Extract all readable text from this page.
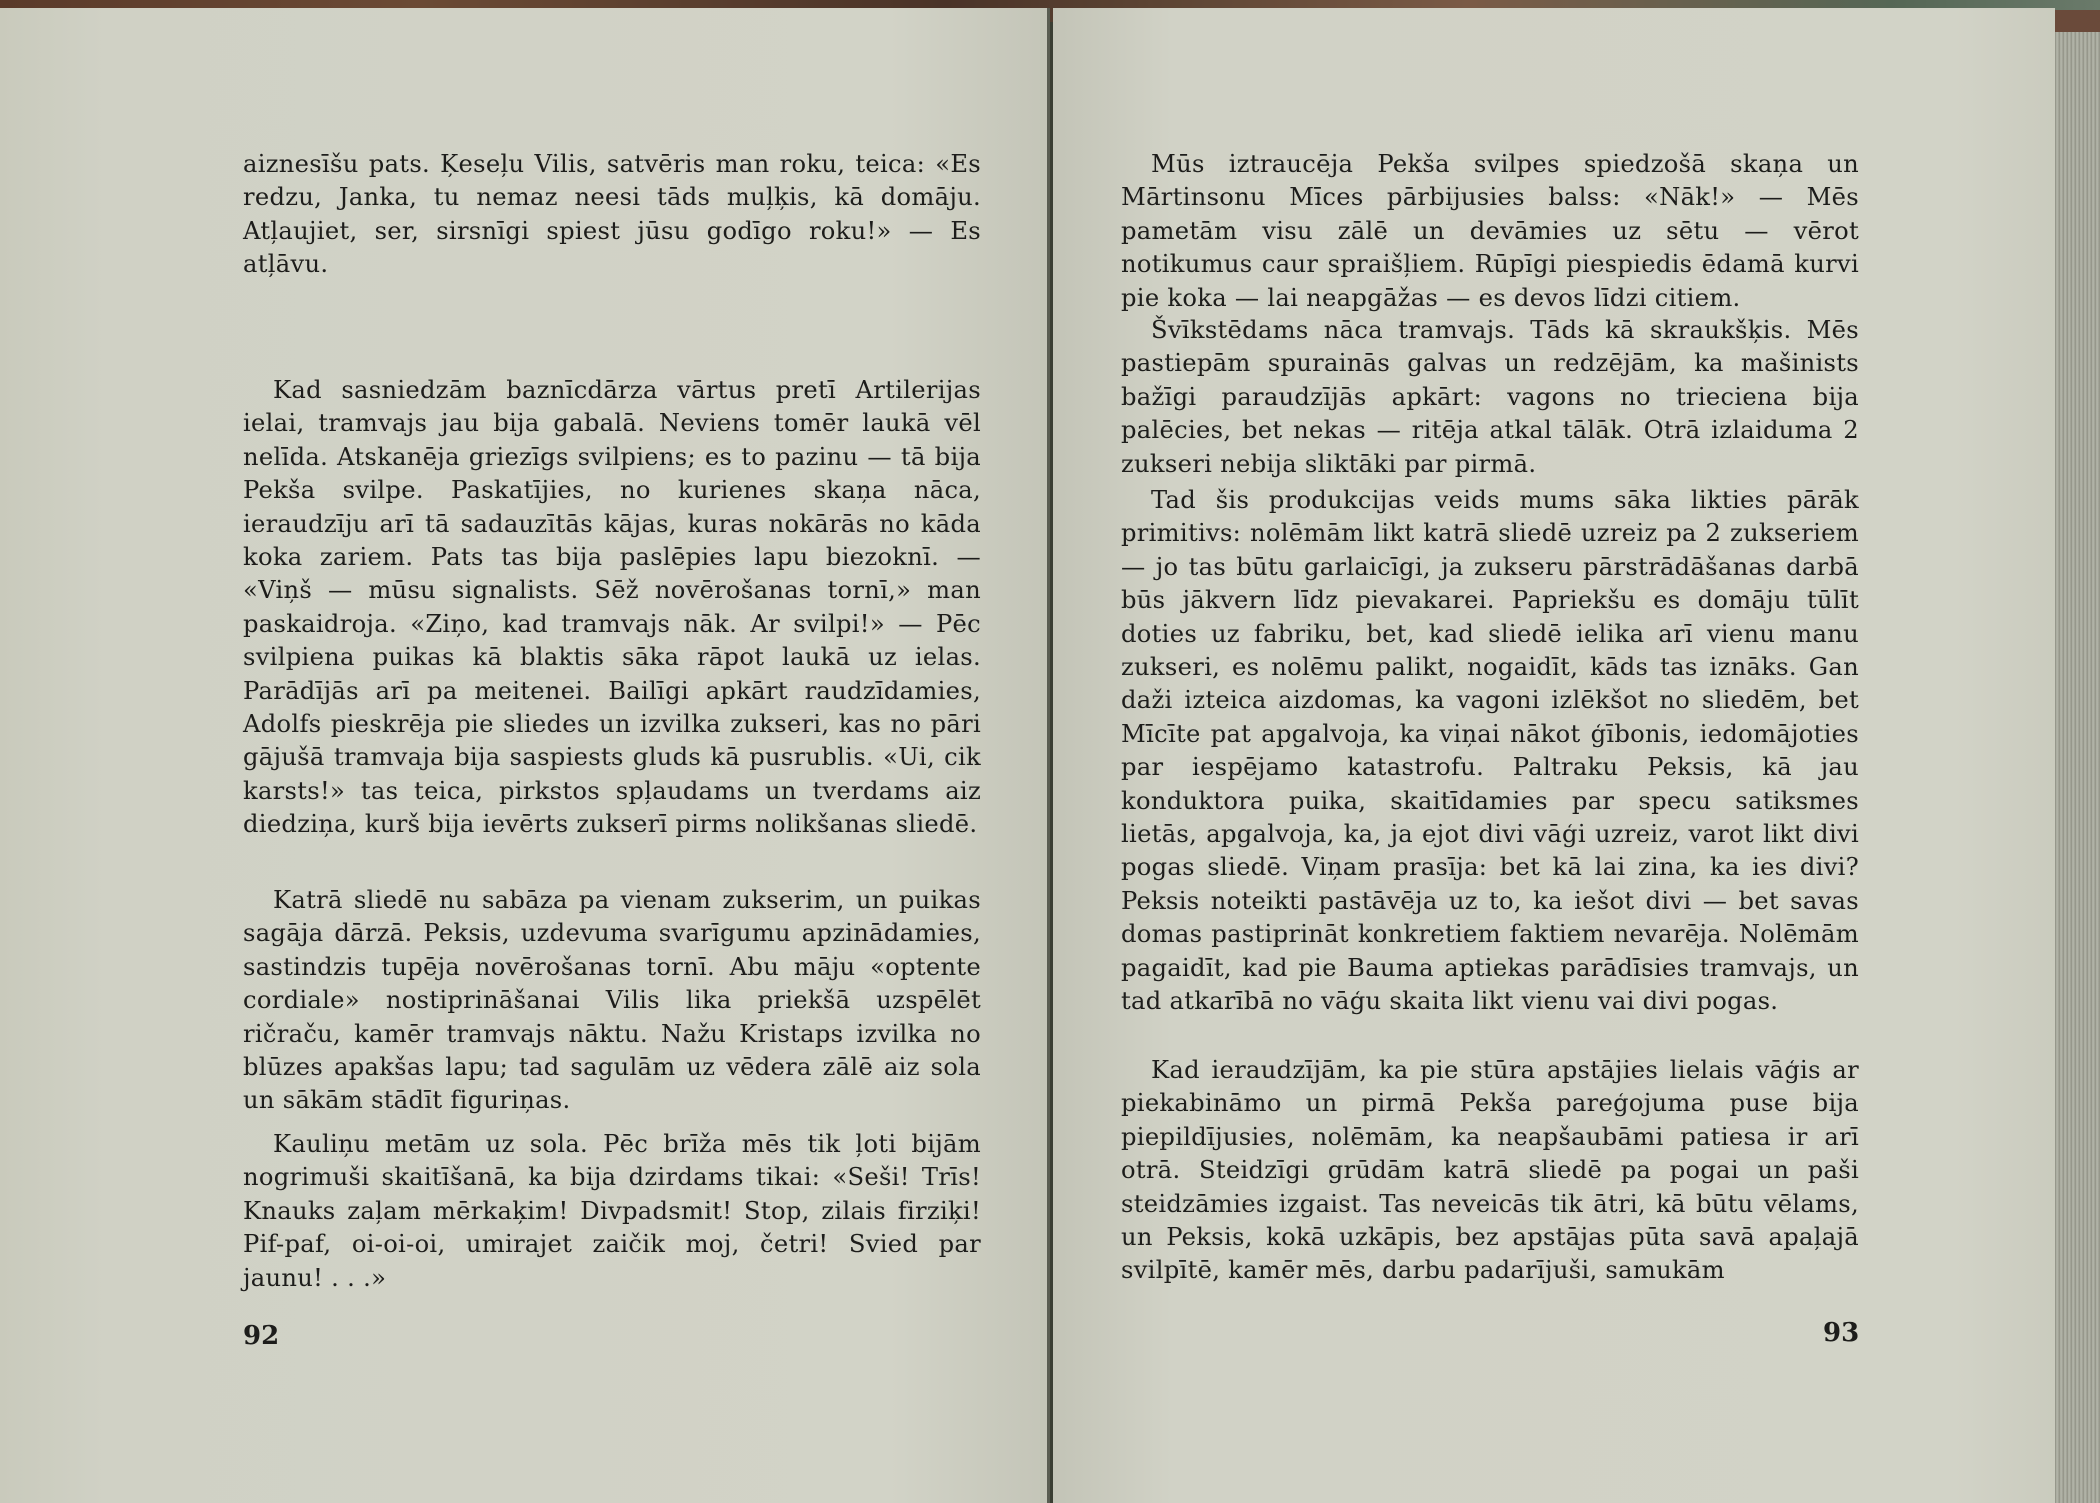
aiznesīšu pats. Ķeseļu Vilis, satvēris man roku, teica: «Es redzu, Janka, tu nemaz neesi tāds muļķis, kā domāju. Atļaujiet, ser, sirsnīgi spiest jūsu godīgo roku!» — Es atļāvu.

Kad sasniedzām baznīcdārza vārtus pretī Artilerijas ielai, tramvajs jau bija gabalā. Neviens tomēr laukā vēl nelīda. Atskanēja griezīgs svilpiens; es to pazinu — tā bija Pekša svilpe. Paskatījies, no kurienes skaņa nāca, ieraudzīju arī tā sadauzītās kājas, kuras nokārās no kāda koka zariem. Pats tas bija paslēpies lapu biezoknī. — «Viņš — mūsu signalists. Sēž novērošanas tornī,» man paskaidroja. «Ziņo, kad tramvajs nāk. Ar svilpi!» — Pēc svilpiena puikas kā blaktis sāka rāpot laukā uz ielas. Parādījās arī pa meitenei. Bailīgi apkārt raudzīdamies, Adolfs pieskrēja pie sliedes un izvilka zukseri, kas no pāri gājušā tramvaja bija saspiests gluds kā pusrublis. «Ui, cik karsts!» tas teica, pirkstos spļaudams un tverdams aiz diedziņa, kurš bija ievērts zukserī pirms nolikšanas sliedē.

Katrā sliedē nu sabāza pa vienam zukserim, un puikas sagāja dārzā. Peksis, uzdevuma svarīgumu apzinādamies, sastindzis tupēja novērošanas tornī. Abu māju «optente cordiale» nostiprināšanai Vilis lika priekšā uzspēlēt ričraču, kamēr tramvajs nāktu. Nažu Kristaps izvilka no blūzes apakšas lapu; tad sagulām uz vēdera zālē aiz sola un sākām stādīt figuriņas.

Kauliņu metām uz sola. Pēc brīža mēs tik ļoti bijām nogrimuši skaitīšanā, ka bija dzirdams tikai: «Seši! Trīs! Knauks zaļam mērkaķim! Divpadsmit! Stop, zilais firziķi! Pif-paf, oi-oi-oi, umirajet zaičik moj, četri! Svied par jaunu! . . .»

92

Mūs iztraucēja Pekša svilpes spiedzošā skaņa un Mārtinsonu Mīces pārbijusies balss: «Nāk!» — Mēs pametām visu zālē un devāmies uz sētu — vērot notikumus caur spraišļiem. Rūpīgi piespiedis ēdamā kurvi pie koka — lai neapgāžas — es devos līdzi citiem.

Švīkstēdams nāca tramvajs. Tāds kā skraukšķis. Mēs pastiepām spurainās galvas un redzējām, ka mašinists bažīgi paraudzījās apkārt: vagons no trieciena bija palēcies, bet nekas — ritēja atkal tālāk. Otrā izlaiduma 2 zukseri nebija sliktāki par pirmā.

Tad šis produkcijas veids mums sāka likties pārāk primitivs: nolēmām likt katrā sliedē uzreiz pa 2 zukseriem — jo tas būtu garlaicīgi, ja zukseru pārstrādāšanas darbā būs jākvern līdz pievakarei. Papriekšu es domāju tūlīt doties uz fabriku, bet, kad sliedē ielika arī vienu manu zukseri, es nolēmu palikt, nogaidīt, kāds tas iznāks. Gan daži izteica aizdomas, ka vagoni izlēkšot no sliedēm, bet Mīcīte pat apgalvoja, ka viņai nākot ģībonis, iedomājoties par iespējamo katastrofu. Paltraku Peksis, kā jau konduktora puika, skaitīdamies par specu satiksmes lietās, apgalvoja, ka, ja ejot divi vāģi uzreiz, varot likt divi pogas sliedē. Viņam prasīja: bet kā lai zina, ka ies divi? Peksis noteikti pastāvēja uz to, ka iešot divi — bet savas domas pastiprināt konkretiem faktiem nevarēja. Nolēmām pagaidīt, kad pie Bauma aptiekas parādīsies tramvajs, un tad atkarībā no vāģu skaita likt vienu vai divi pogas.

Kad ieraudzījām, ka pie stūra apstājies lielais vāģis ar piekabināmo un pirmā Pekša pareģojuma puse bija piepildījusies, nolēmām, ka neapšaubāmi patiesa ir arī otrā. Steidzīgi grūdām katrā sliedē pa pogai un paši steidzāmies izgaist. Tas neveicās tik ātri, kā būtu vēlams, un Peksis, kokā uzkāpis, bez apstājas pūta savā apaļajā svilpītē, kamēr mēs, darbu padarījuši, samukām

93
